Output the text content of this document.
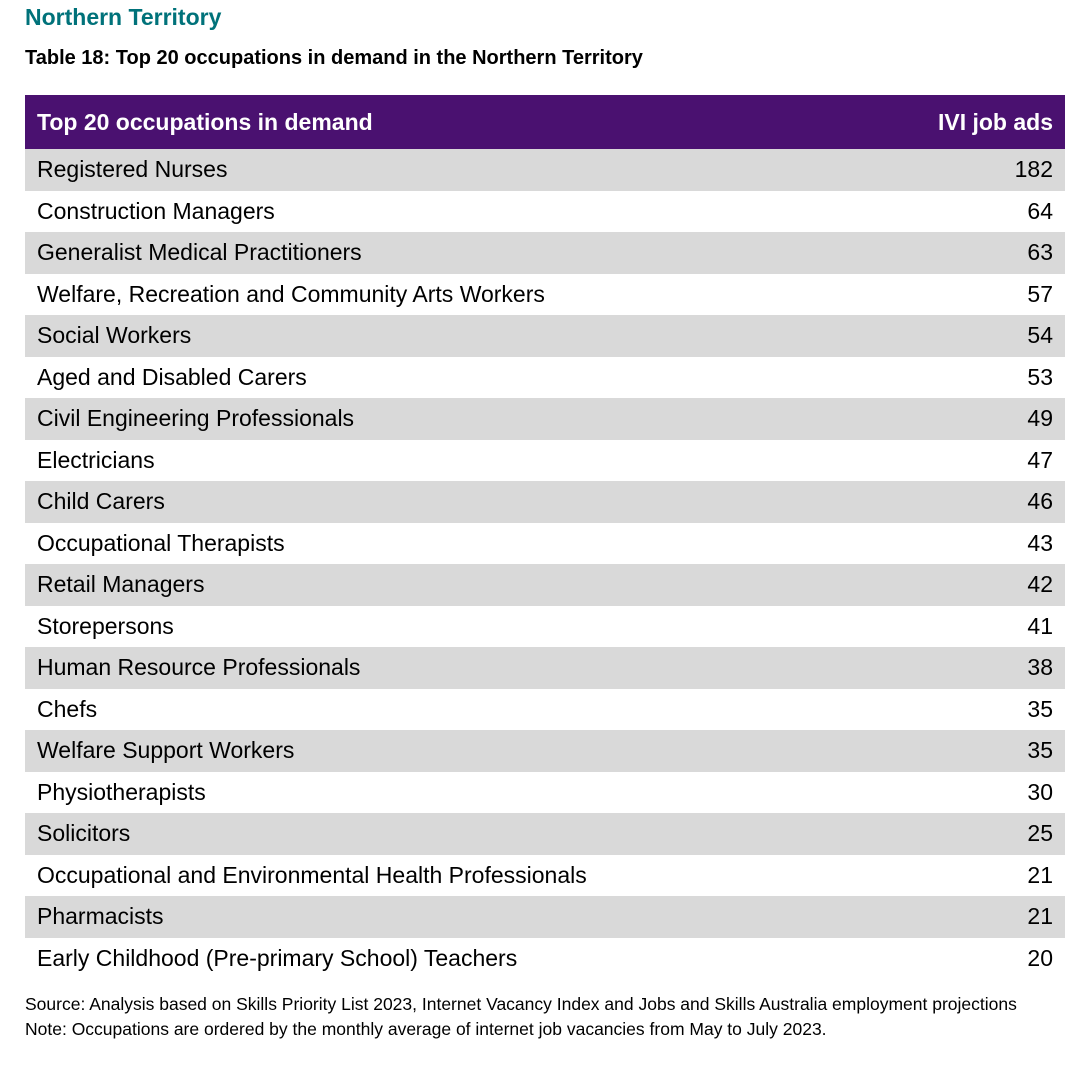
Northern Territory
Table 18: Top 20 occupations in demand in the Northern Territory
Top 20 occupations in demand	IVI job ads
Registered Nurses	182
Construction Managers	64
Generalist Medical Practitioners	63
Welfare, Recreation and Community Arts Workers	57
Social Workers	54
Aged and Disabled Carers	53
Civil Engineering Professionals	49
Electricians	47
Child Carers	46
Occupational Therapists	43
Retail Managers	42
Storepersons	41
Human Resource Professionals	38
Chefs	35
Welfare Support Workers	35
Physiotherapists	30
Solicitors	25
Occupational and Environmental Health Professionals	21
Pharmacists	21
Early Childhood (Pre-primary School) Teachers	20

Source: Analysis based on Skills Priority List 2023, Internet Vacancy Index and Jobs and Skills Australia employment projections

Note: Occupations are ordered by the monthly average of internet job vacancies from May to July 2023.
